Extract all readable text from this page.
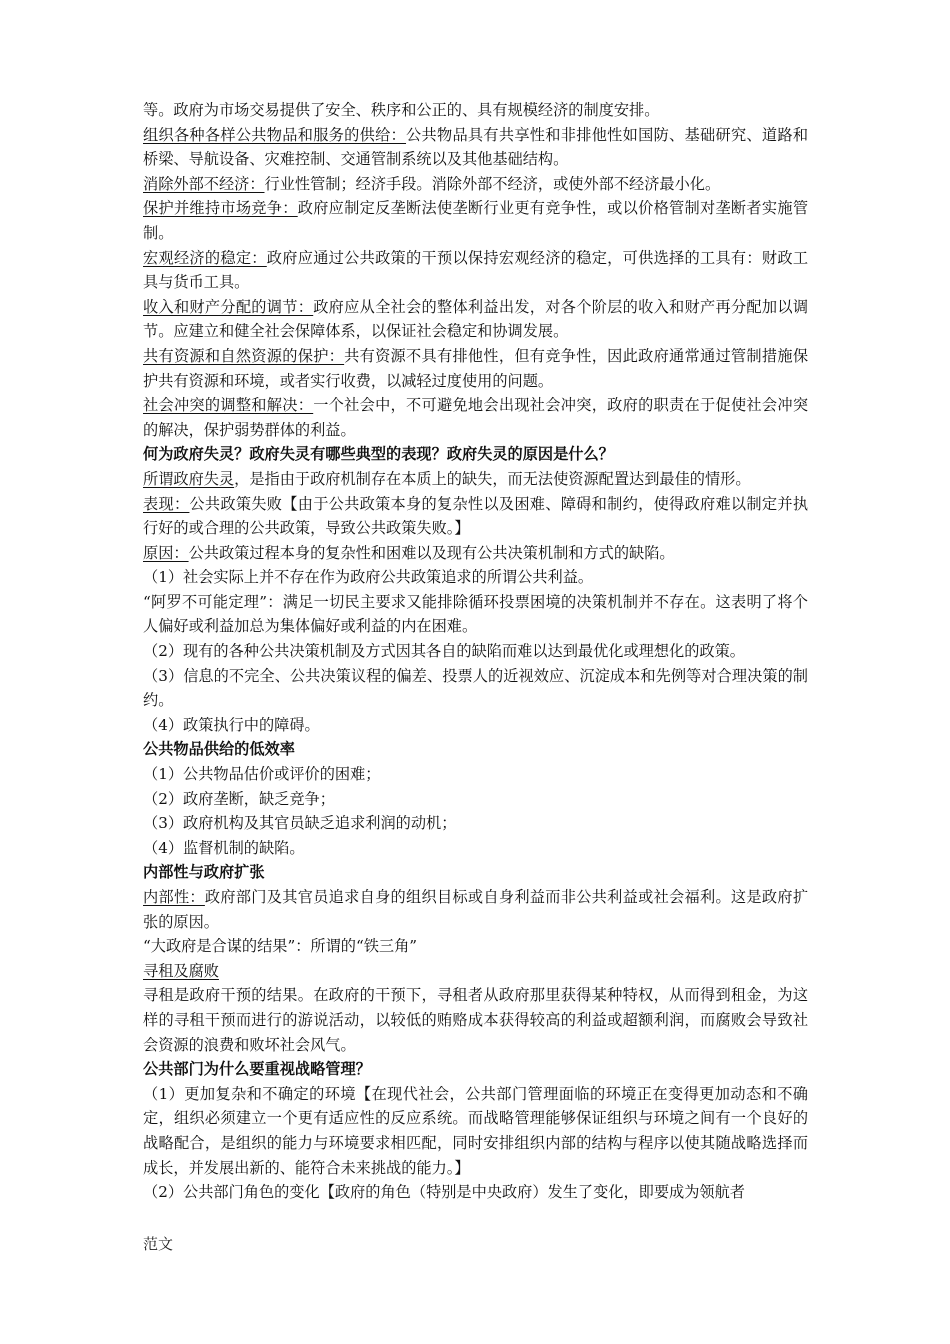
等。政府为市场交易提供了安全、秩序和公正的、具有规模经济的制度安排。

组织各种各样公共物品和服务的供给：公共物品具有共享性和非排他性如国防、基础研究、道路和桥梁、导航设备、灾难控制、交通管制系统以及其他基础结构。

消除外部不经济：行业性管制；经济手段。消除外部不经济，或使外部不经济最小化。

保护并维持市场竞争：政府应制定反垄断法使垄断行业更有竞争性，或以价格管制对垄断者实施管制。

宏观经济的稳定：政府应通过公共政策的干预以保持宏观经济的稳定，可供选择的工具有：财政工具与货币工具。

收入和财产分配的调节：政府应从全社会的整体利益出发，对各个阶层的收入和财产再分配加以调节。应建立和健全社会保障体系，以保证社会稳定和协调发展。

共有资源和自然资源的保护：共有资源不具有排他性，但有竞争性，因此政府通常通过管制措施保护共有资源和环境，或者实行收费，以减轻过度使用的问题。

社会冲突的调整和解决：一个社会中，不可避免地会出现社会冲突，政府的职责在于促使社会冲突的解决，保护弱势群体的利益。

何为政府失灵？政府失灵有哪些典型的表现？政府失灵的原因是什么？

所谓政府失灵，是指由于政府机制存在本质上的缺失，而无法使资源配置达到最佳的情形。

表现：公共政策失败【由于公共政策本身的复杂性以及困难、障碍和制约，使得政府难以制定并执行好的或合理的公共政策，导致公共政策失败。】

原因：公共政策过程本身的复杂性和困难以及现有公共决策机制和方式的缺陷。

（1）社会实际上并不存在作为政府公共政策追求的所谓公共利益。

“阿罗不可能定理”：满足一切民主要求又能排除循环投票困境的决策机制并不存在。这表明了将个人偏好或利益加总为集体偏好或利益的内在困难。

（2）现有的各种公共决策机制及方式因其各自的缺陷而难以达到最优化或理想化的政策。

（3）信息的不完全、公共决策议程的偏差、投票人的近视效应、沉淀成本和先例等对合理决策的制约。

（4）政策执行中的障碍。

公共物品供给的低效率

（1）公共物品估价或评价的困难；

（2）政府垄断，缺乏竞争；

（3）政府机构及其官员缺乏追求利润的动机；

（4）监督机制的缺陷。

内部性与政府扩张

内部性：政府部门及其官员追求自身的组织目标或自身利益而非公共利益或社会福利。这是政府扩张的原因。

“大政府是合谋的结果”：所谓的“铁三角”

寻租及腐败

寻租是政府干预的结果。在政府的干预下，寻租者从政府那里获得某种特权，从而得到租金，为这样的寻租干预而进行的游说活动，以较低的贿赂成本获得较高的利益或超额利润，而腐败会导致社会资源的浪费和败坏社会风气。

公共部门为什么要重视战略管理？

（1）更加复杂和不确定的环境【在现代社会，公共部门管理面临的环境正在变得更加动态和不确定，组织必须建立一个更有适应性的反应系统。而战略管理能够保证组织与环境之间有一个良好的战略配合，是组织的能力与环境要求相匹配，同时安排组织内部的结构与程序以使其随战略选择而成长，并发展出新的、能符合未来挑战的能力。】

（2）公共部门角色的变化【政府的角色（特别是中央政府）发生了变化，即要成为领航者

范文
